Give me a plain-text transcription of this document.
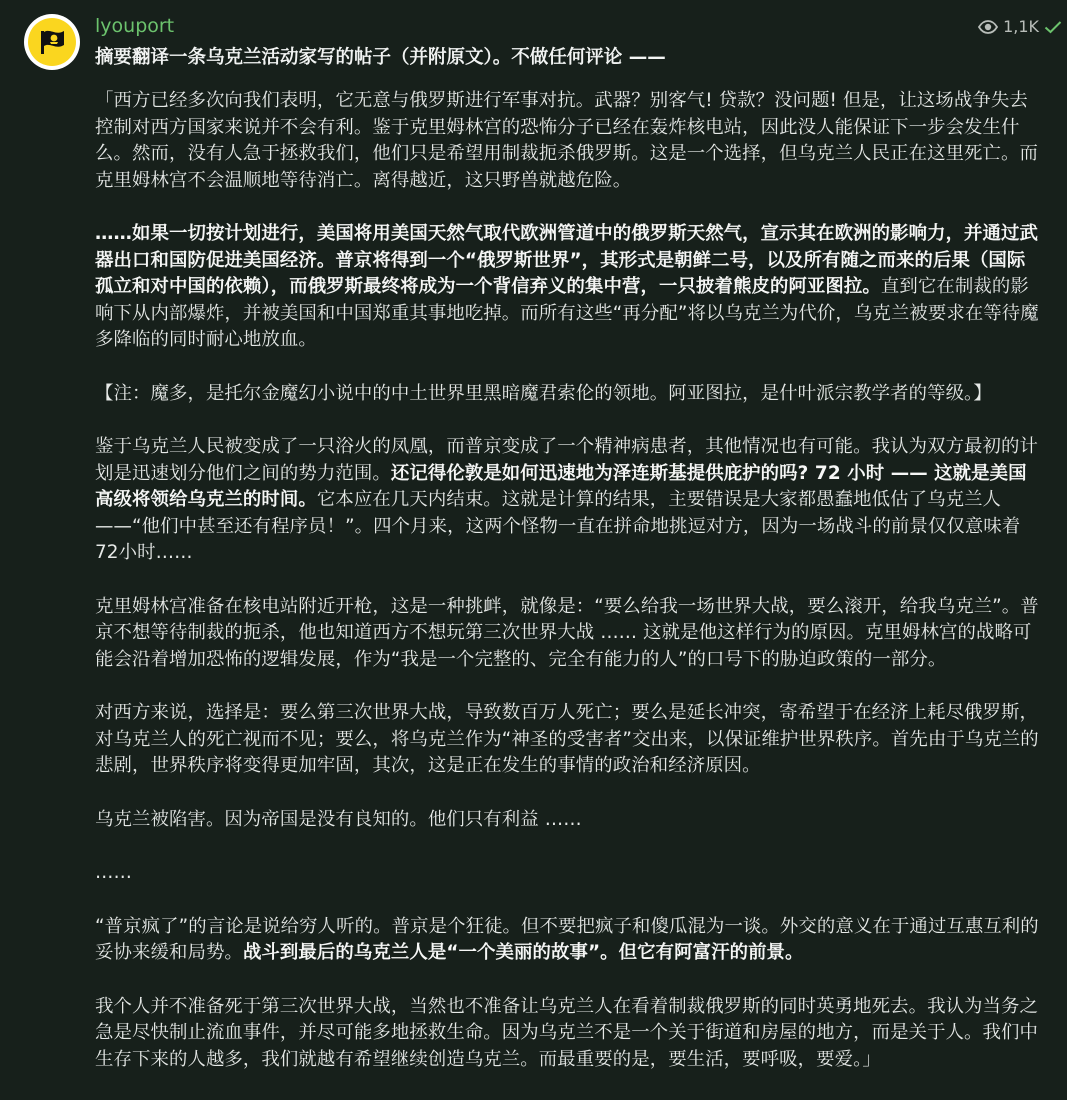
lyouport	1,1K
摘要翻译一条乌克兰活动家写的帖子（并附原文）。不做任何评论 ——

「西方已经多次向我们表明，它无意与俄罗斯进行军事对抗。武器？别客气! 贷款？没问题! 但是，让这场战争失去控制对西方国家来说并不会有利。鉴于克里姆林宫的恐怖分子已经在轰炸核电站，因此没人能保证下一步会发生什么。然而，没有人急于拯救我们，他们只是希望用制裁扼杀俄罗斯。这是一个选择，但乌克兰人民正在这里死亡。而克里姆林宫不会温顺地等待消亡。离得越近，这只野兽就越危险。

……如果一切按计划进行，美国将用美国天然气取代欧洲管道中的俄罗斯天然气，宣示其在欧洲的影响力，并通过武器出口和国防促进美国经济。普京将得到一个“俄罗斯世界”，其形式是朝鲜二号，以及所有随之而来的后果（国际孤立和对中国的依赖），而俄罗斯最终将成为一个背信弃义的集中营，一只披着熊皮的阿亚图拉。直到它在制裁的影响下从内部爆炸，并被美国和中国郑重其事地吃掉。而所有这些“再分配”将以乌克兰为代价，乌克兰被要求在等待魔多降临的同时耐心地放血。

【注：魔多，是托尔金魔幻小说中的中土世界里黑暗魔君索伦的领地。阿亚图拉，是什叶派宗教学者的等级。】

鉴于乌克兰人民被变成了一只浴火的凤凰，而普京变成了一个精神病患者，其他情况也有可能。我认为双方最初的计划是迅速划分他们之间的势力范围。还记得伦敦是如何迅速地为泽连斯基提供庇护的吗? 72 小时 —— 这就是美国高级将领给乌克兰的时间。它本应在几天内结束。这就是计算的结果，主要错误是大家都愚蠢地低估了乌克兰人 ——“他们中甚至还有程序员！”。四个月来，这两个怪物一直在拼命地挑逗对方，因为一场战斗的前景仅仅意味着72小时……

克里姆林宫准备在核电站附近开枪，这是一种挑衅，就像是：“要么给我一场世界大战，要么滚开，给我乌克兰”。普京不想等待制裁的扼杀，他也知道西方不想玩第三次世界大战 …… 这就是他这样行为的原因。克里姆林宫的战略可能会沿着增加恐怖的逻辑发展，作为“我是一个完整的、完全有能力的人”的口号下的胁迫政策的一部分。

对西方来说，选择是：要么第三次世界大战，导致数百万人死亡；要么是延长冲突，寄希望于在经济上耗尽俄罗斯，对乌克兰人的死亡视而不见；要么，将乌克兰作为“神圣的受害者”交出来，以保证维护世界秩序。首先由于乌克兰的悲剧，世界秩序将变得更加牢固，其次，这是正在发生的事情的政治和经济原因。

乌克兰被陷害。因为帝国是没有良知的。他们只有利益 ……

……

“普京疯了”的言论是说给穷人听的。普京是个狂徒。但不要把疯子和傻瓜混为一谈。外交的意义在于通过互惠互利的妥协来缓和局势。战斗到最后的乌克兰人是“一个美丽的故事”。但它有阿富汗的前景。

我个人并不准备死于第三次世界大战，当然也不准备让乌克兰人在看着制裁俄罗斯的同时英勇地死去。我认为当务之急是尽快制止流血事件，并尽可能多地拯救生命。因为乌克兰不是一个关于街道和房屋的地方，而是关于人。我们中生存下来的人越多，我们就越有希望继续创造乌克兰。而最重要的是，要生活，要呼吸，要爱。」
